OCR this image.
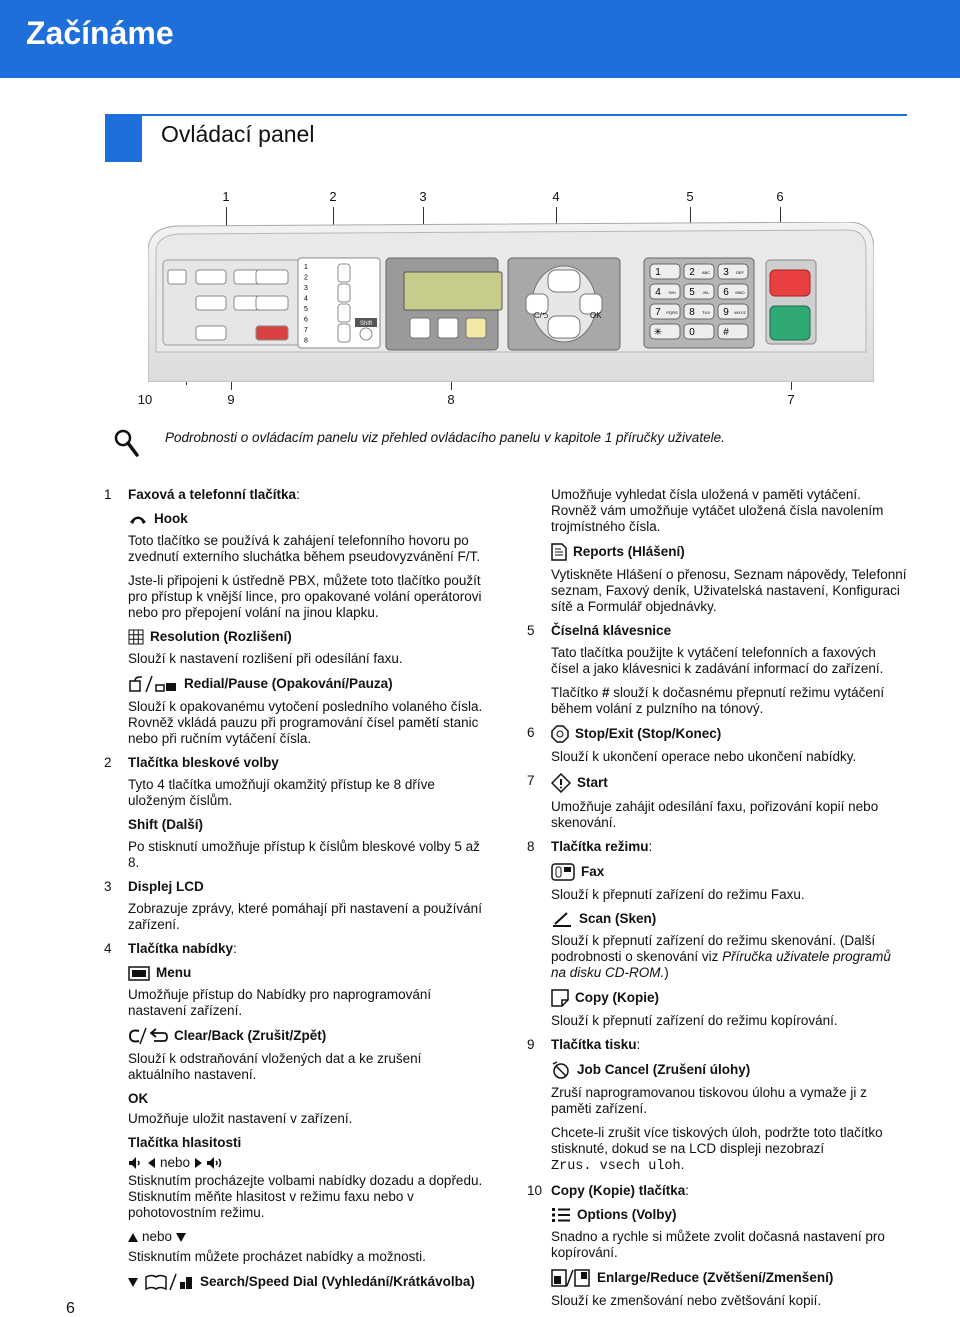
Začínáme
Ovládací panel
1	2	3	4	5	6
10	9	8	7
Shift
C/⮌	OK
1	2 ABC 3 DEF
4 GHI 5 JKL 6 MNO
7 PQRS 8 TUV 9 WXYZ
✳	0	#
1
2
3
4
5
6
7
8
Podrobnosti o ovládacím panelu viz přehled ovládacího panelu v kapitole 1 příručky uživatele.
1 Faxová a telefonní tlačítka:
Hook
Toto tlačítko se používá k zahájení telefonního hovoru po zvednutí externího sluchátka během pseudovyzvánění F/T.
Jste-li připojeni k ústředně PBX, můžete toto tlačítko použít pro přístup k vnější lince, pro opakované volání operátorovi nebo pro přepojení volání na jinou klapku.
Resolution (Rozlišení)
Slouží k nastavení rozlišení při odesílání faxu.
Redial/Pause (Opakování/Pauza)
Slouží k opakovanému vytočení posledního volaného čísla. Rovněž vkládá pauzu při programování čísel pamětí stanic nebo při ručním vytáčení čísla.
2 Tlačítka bleskové volby
Tyto 4 tlačítka umožňují okamžitý přístup ke 8 dříve uloženým číslům.
Shift (Další)
Po stisknutí umožňuje přístup k číslům bleskové volby 5 až 8.
3 Displej LCD
Zobrazuje zprávy, které pomáhají při nastavení a používání zařízení.
4 Tlačítka nabídky:
Menu
Umožňuje přístup do Nabídky pro naprogramování nastavení zařízení.
Clear/Back (Zrušit/Zpět)
Slouží k odstraňování vložených dat a ke zrušení aktuálního nastavení.
OK
Umožňuje uložit nastavení v zařízení.
Tlačítka hlasitosti
nebo
Stisknutím procházejte volbami nabídky dozadu a dopředu. Stisknutím měňte hlasitost v režimu faxu nebo v pohotovostním režimu.
nebo
Stisknutím můžete procházet nabídky a možnosti.
Search/Speed Dial (Vyhledání/Krátkávolba)
Umožňuje vyhledat čísla uložená v paměti vytáčení. Rovněž vám umožňuje vytáčet uložená čísla navolením trojmístného čísla.
Reports (Hlášení)
Vytiskněte Hlášení o přenosu, Seznam nápovědy, Telefonní seznam, Faxový deník, Uživatelská nastavení, Konfiguraci sítě a Formulář objednávky.
5 Číselná klávesnice
Tato tlačítka použijte k vytáčení telefonních a faxových čísel a jako klávesnici k zadávání informací do zařízení.
Tlačítko # slouží k dočasnému přepnutí režimu vytáčení během volání z pulzního na tónový.
6	Stop/Exit (Stop/Konec)
Slouží k ukončení operace nebo ukončení nabídky.
7	Start
Umožňuje zahájit odesílání faxu, pořizování kopií nebo skenování.
8 Tlačítka režimu:
Fax
Slouží k přepnutí zařízení do režimu Faxu.
Scan (Sken)
Slouží k přepnutí zařízení do režimu skenování. (Další podrobnosti o skenování viz Příručka uživatele programů na disku CD-ROM.)
Copy (Kopie)
Slouží k přepnutí zařízení do režimu kopírování.
9 Tlačítka tisku:
Job Cancel (Zrušení úlohy)
Zruší naprogramovanou tiskovou úlohu a vymaže ji z paměti zařízení.
Chcete-li zrušit více tiskových úloh, podržte toto tlačítko stisknuté, dokud se na LCD displeji nezobrazí
Zrus. vsech uloh.
10 Copy (Kopie) tlačítka:
Options (Volby)
Snadno a rychle si můžete zvolit dočasná nastavení pro kopírování.
Enlarge/Reduce (Zvětšení/Zmenšení)
Slouží ke zmenšování nebo zvětšování kopií.
6
